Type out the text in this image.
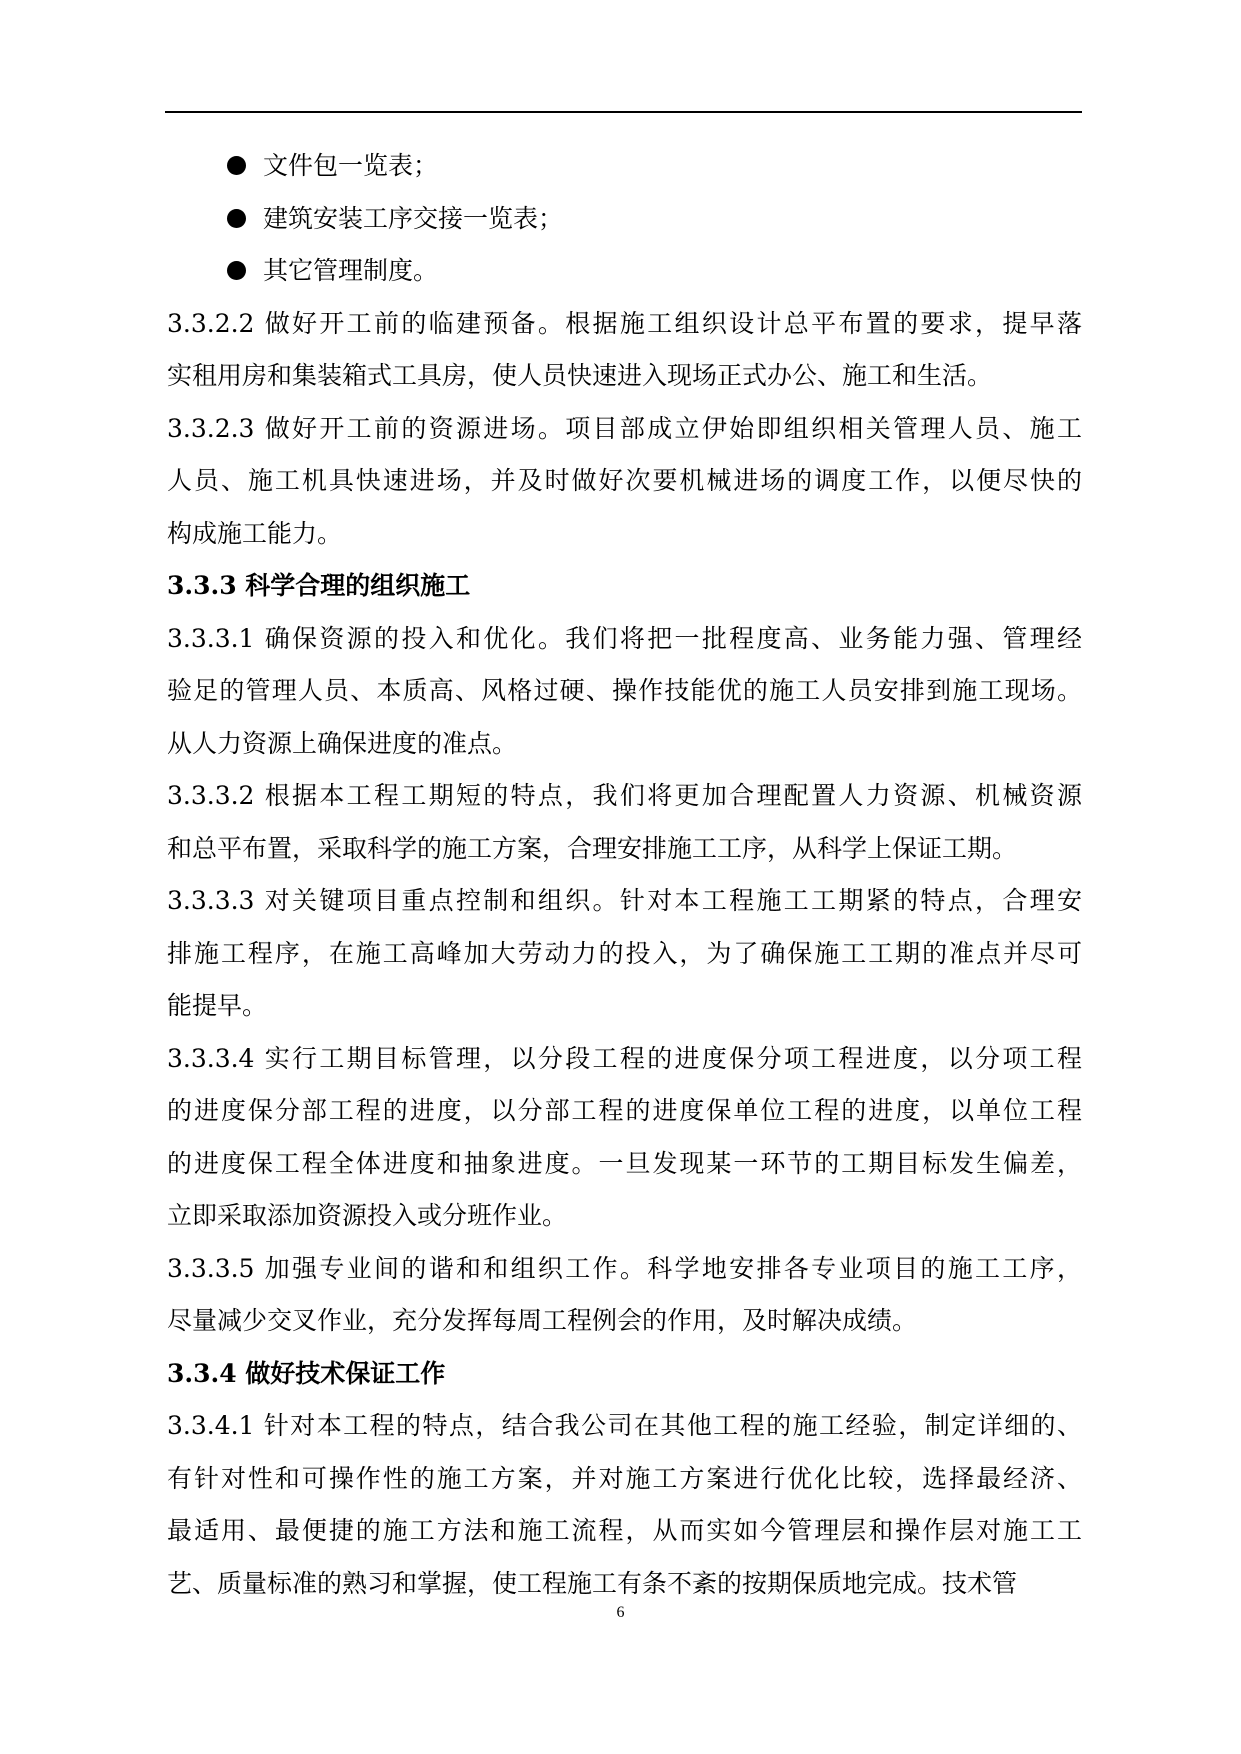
文件包一览表；
建筑安装工序交接一览表；
其它管理制度。
3.3.2.2 做好开工前的临建预备。根据施工组织设计总平布置的要求，提早落
实租用房和集装箱式工具房，使人员快速进入现场正式办公、施工和生活。
3.3.2.3 做好开工前的资源进场。项目部成立伊始即组织相关管理人员、施工
人员、施工机具快速进场，并及时做好次要机械进场的调度工作，以便尽快的
构成施工能力。
3.3.3 科学合理的组织施工
3.3.3.1 确保资源的投入和优化。我们将把一批程度高、业务能力强、管理经
验足的管理人员、本质高、风格过硬、操作技能优的施工人员安排到施工现场。
从人力资源上确保进度的准点。
3.3.3.2 根据本工程工期短的特点，我们将更加合理配置人力资源、机械资源
和总平布置，采取科学的施工方案，合理安排施工工序，从科学上保证工期。
3.3.3.3 对关键项目重点控制和组织。针对本工程施工工期紧的特点，合理安
排施工程序，在施工高峰加大劳动力的投入，为了确保施工工期的准点并尽可
能提早。
3.3.3.4 实行工期目标管理，以分段工程的进度保分项工程进度，以分项工程
的进度保分部工程的进度，以分部工程的进度保单位工程的进度，以单位工程
的进度保工程全体进度和抽象进度。一旦发现某一环节的工期目标发生偏差，
立即采取添加资源投入或分班作业。
3.3.3.5 加强专业间的谐和和组织工作。科学地安排各专业项目的施工工序，
尽量减少交叉作业，充分发挥每周工程例会的作用，及时解决成绩。
3.3.4 做好技术保证工作
3.3.4.1 针对本工程的特点，结合我公司在其他工程的施工经验，制定详细的、
有针对性和可操作性的施工方案，并对施工方案进行优化比较，选择最经济、
最适用、最便捷的施工方法和施工流程，从而实如今管理层和操作层对施工工
艺、质量标准的熟习和掌握，使工程施工有条不紊的按期保质地完成。技术管
6
